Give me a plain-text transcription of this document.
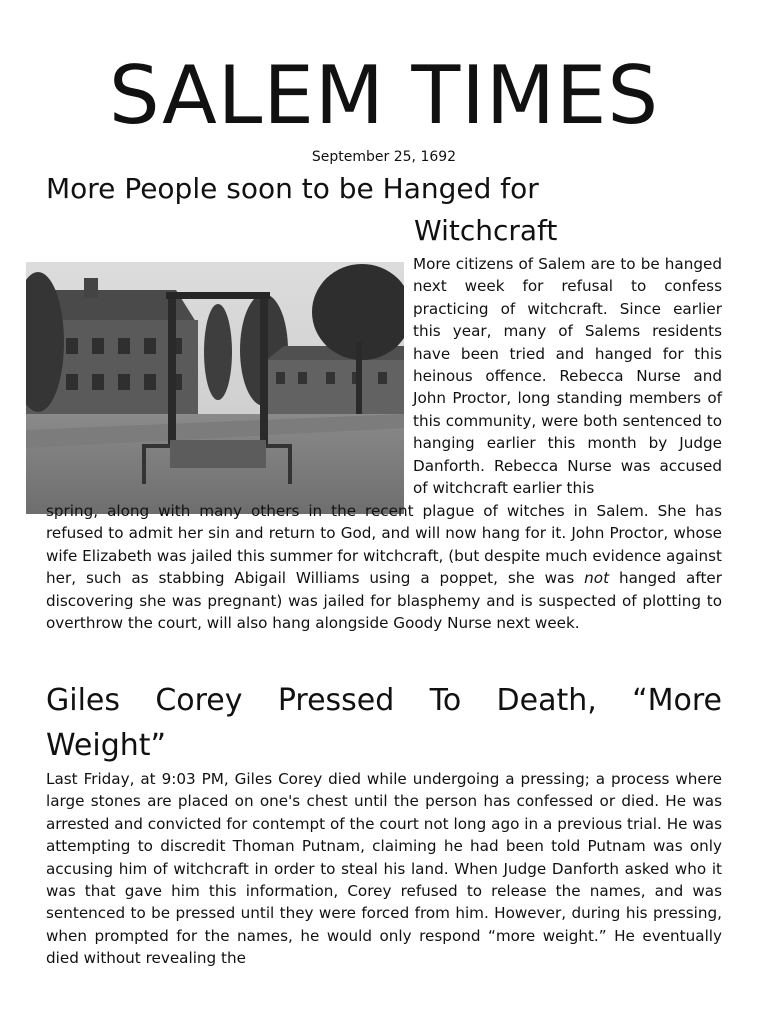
SALEM TIMES
September 25, 1692
More People soon to be Hanged for
Witchcraft

More citizens of Salem are to be hanged next week for refusal to confess practicing of witchcraft. Since earlier this year, many of Salems residents have been tried and hanged for this heinous offence. Rebecca Nurse and John Proctor, long standing members of this community, were both sentenced to hanging earlier this month by Judge Danforth. Rebecca Nurse was accused of witchcraft earlier this

spring, along with many others in the recent plague of witches in Salem. She has refused to admit her sin and return to God, and will now hang for it. John Proctor, whose wife Elizabeth was jailed this summer for witchcraft, (but despite much evidence against her, such as stabbing Abigail Williams using a poppet, she was not hanged after discovering she was pregnant) was jailed for blasphemy and is suspected of plotting to overthrow the court, will also hang alongside Goody Nurse next week.

Giles Corey Pressed To Death, “More Weight”

Last Friday, at 9:03 PM, Giles Corey died while undergoing a pressing; a process where large stones are placed on one's chest until the person has confessed or died. He was arrested and convicted for contempt of the court not long ago in a previous trial. He was attempting to discredit Thoman Putnam, claiming he had been told Putnam was only accusing him of witchcraft in order to steal his land. When Judge Danforth asked who it was that gave him this information, Corey refused to release the names, and was sentenced to be pressed until they were forced from him. However, during his pressing, when prompted for the names, he would only respond “more weight.” He eventually died without revealing the
